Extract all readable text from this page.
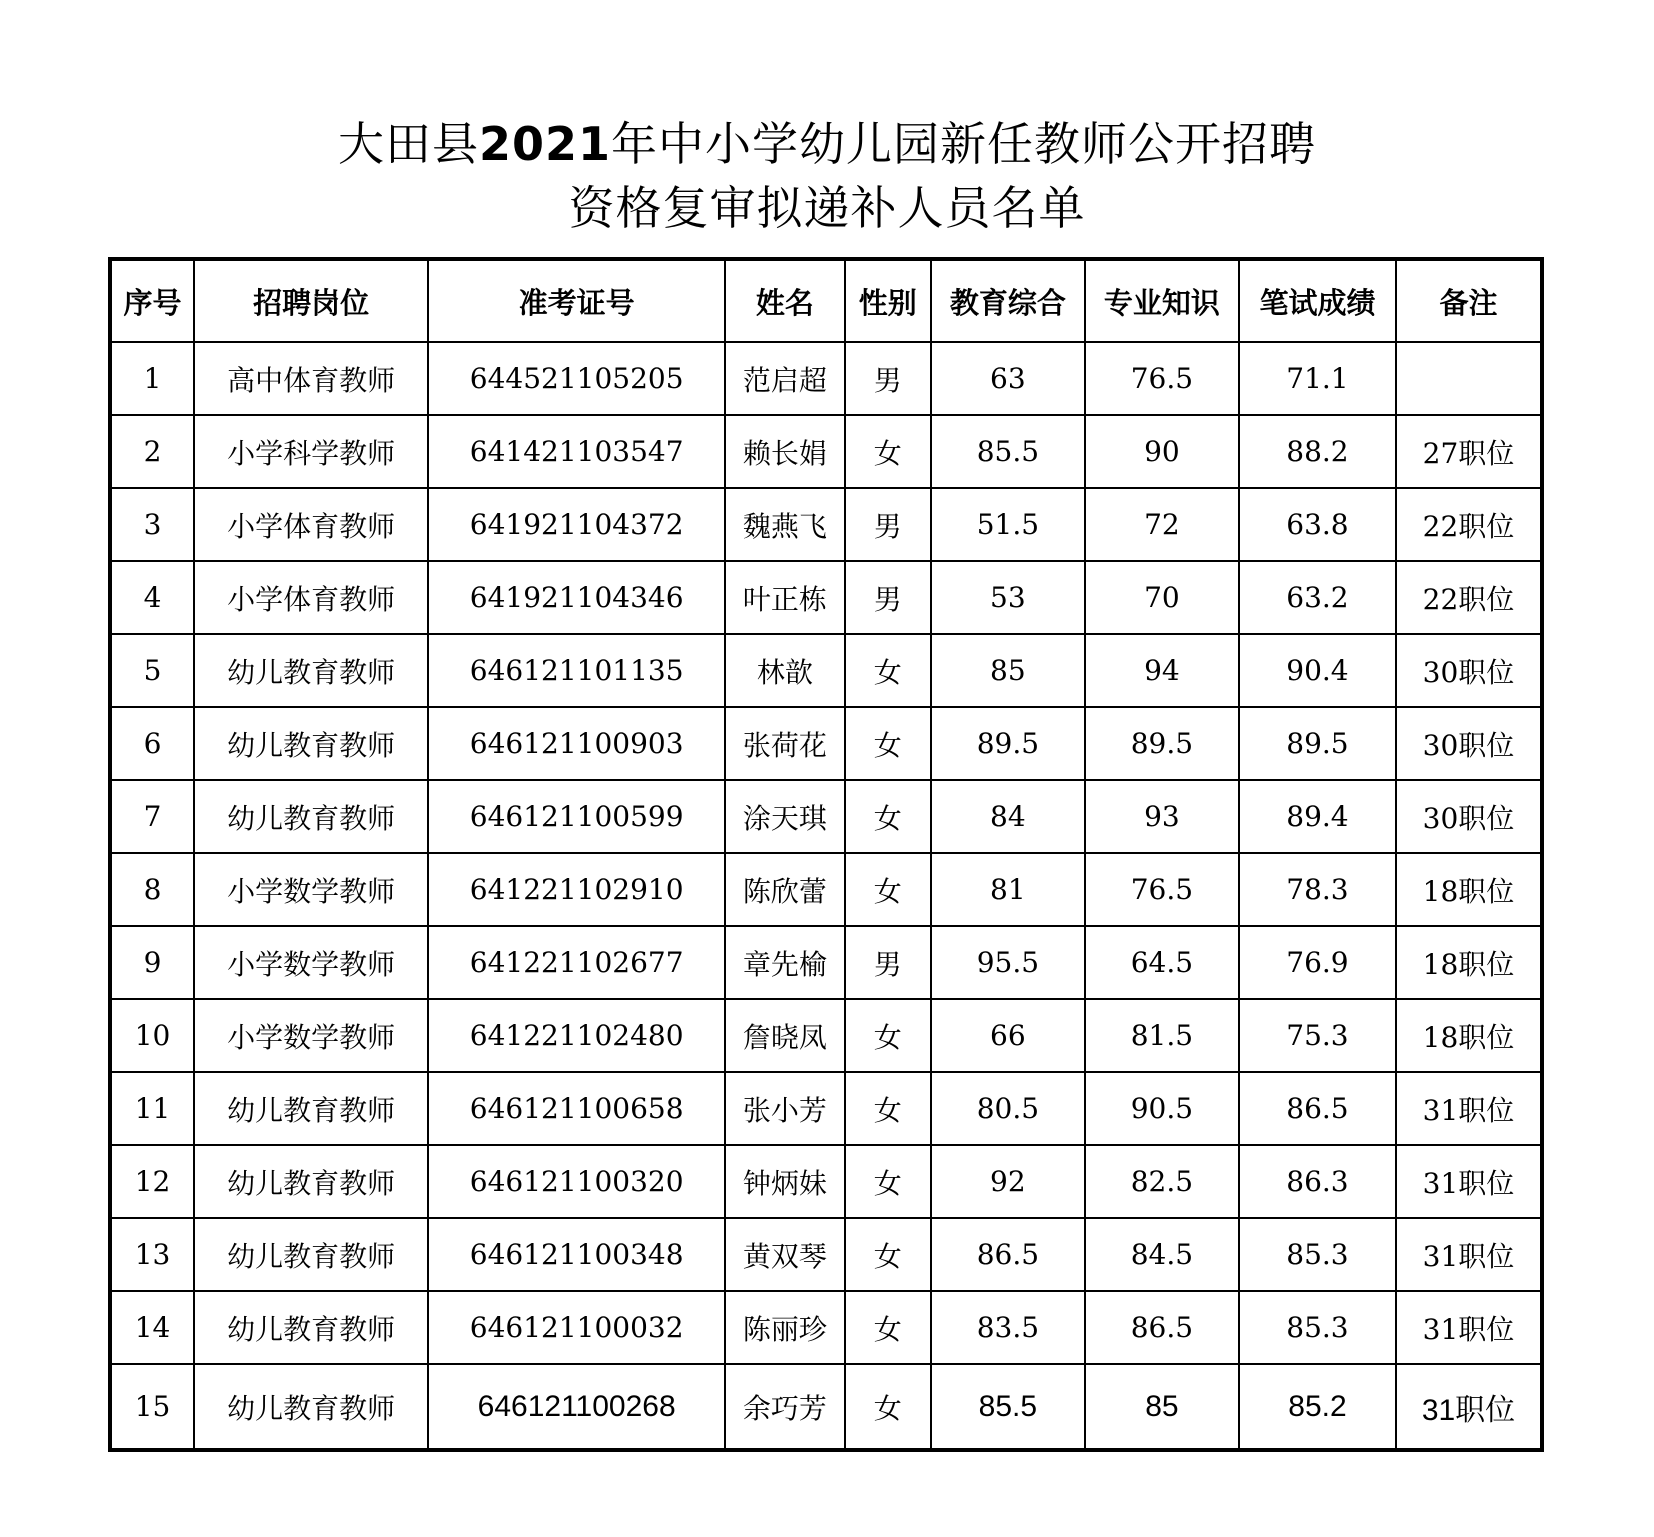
大田县2021年中小学幼儿园新任教师公开招聘
资格复审拟递补人员名单
序号	招聘岗位	准考证号	姓名	性别	教育综合	专业知识	笔试成绩	备注
1	高中体育教师	644521105205	范启超	男	63	76.5	71.1	
2	小学科学教师	641421103547	赖长娟	女	85.5	90	88.2	27职位
3	小学体育教师	641921104372	魏燕飞	男	51.5	72	63.8	22职位
4	小学体育教师	641921104346	叶正栋	男	53	70	63.2	22职位
5	幼儿教育教师	646121101135	林歆	女	85	94	90.4	30职位
6	幼儿教育教师	646121100903	张荷花	女	89.5	89.5	89.5	30职位
7	幼儿教育教师	646121100599	涂天琪	女	84	93	89.4	30职位
8	小学数学教师	641221102910	陈欣蕾	女	81	76.5	78.3	18职位
9	小学数学教师	641221102677	章先榆	男	95.5	64.5	76.9	18职位
10	小学数学教师	641221102480	詹晓凤	女	66	81.5	75.3	18职位
11	幼儿教育教师	646121100658	张小芳	女	80.5	90.5	86.5	31职位
12	幼儿教育教师	646121100320	钟炳妹	女	92	82.5	86.3	31职位
13	幼儿教育教师	646121100348	黄双琴	女	86.5	84.5	85.3	31职位
14	幼儿教育教师	646121100032	陈丽珍	女	83.5	86.5	85.3	31职位
15	幼儿教育教师	646121100268	余巧芳	女	85.5	85	85.2	31职位
